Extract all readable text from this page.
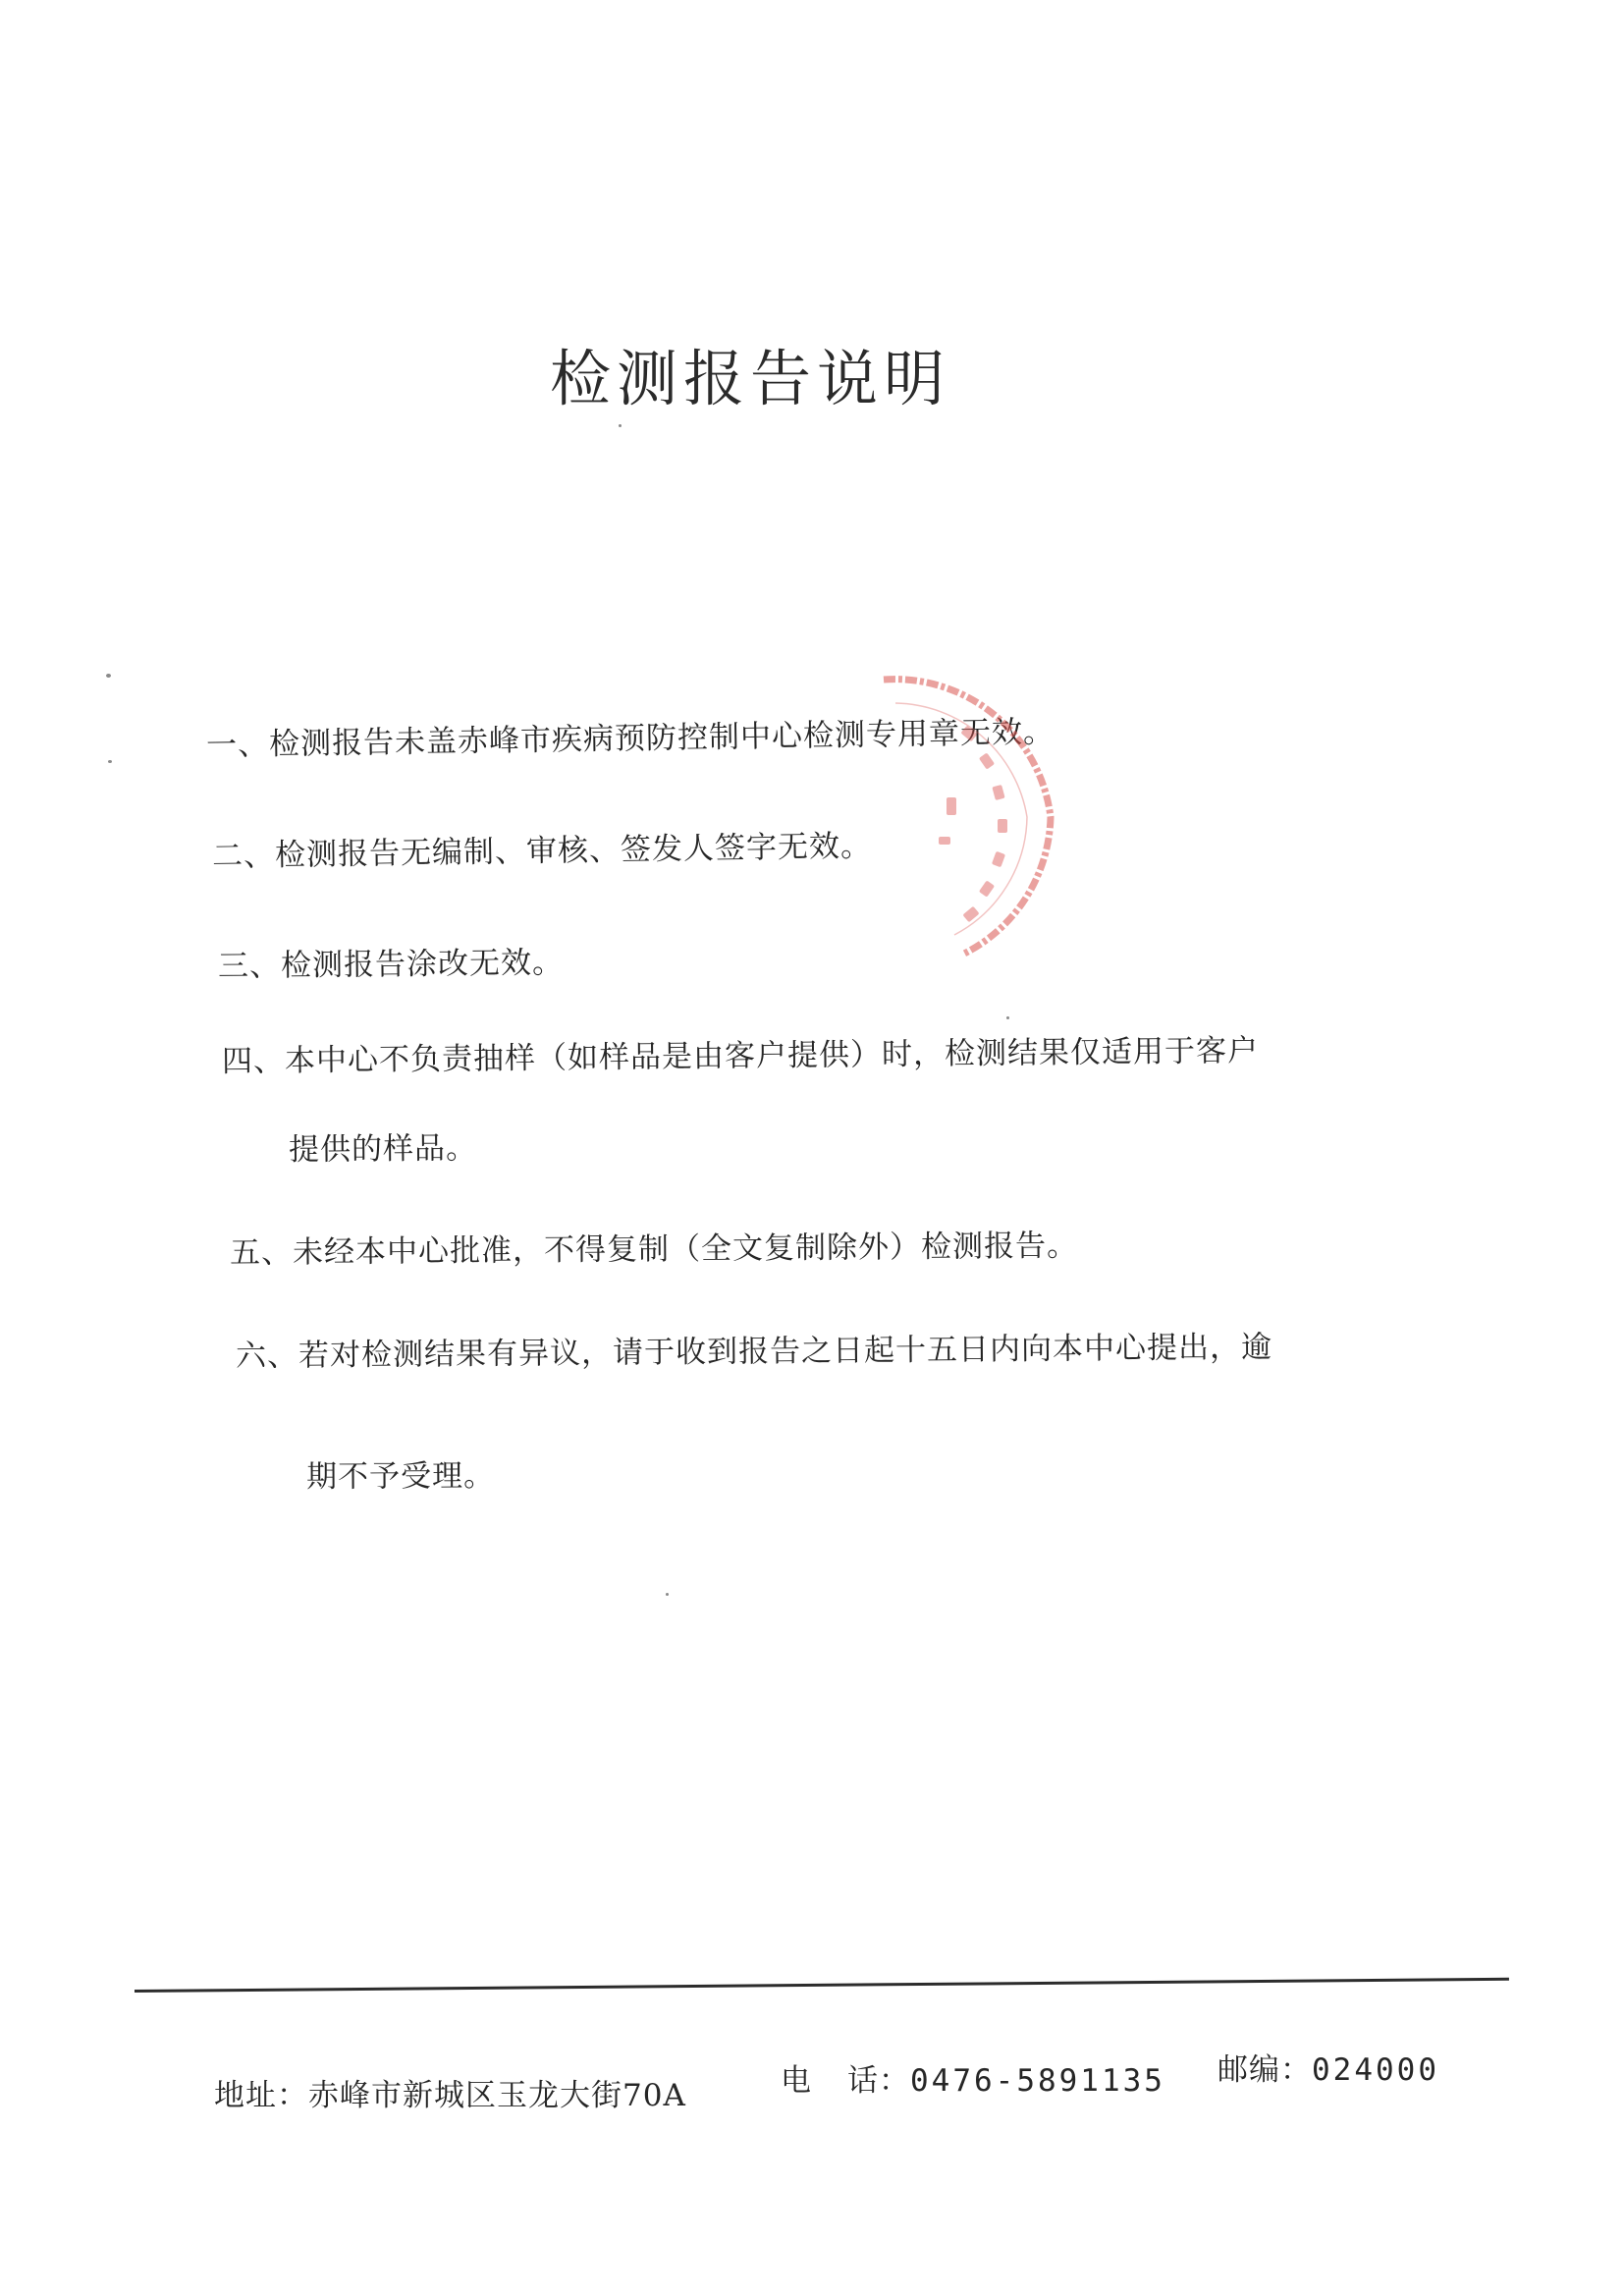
检测报告说明
一、检测报告未盖赤峰市疾病预防控制中心检测专用章无效。
二、检测报告无编制、审核、签发人签字无效。
三、检测报告涂改无效。
四、本中心不负责抽样（如样品是由客户提供）时，检测结果仅适用于客户
提供的样品。
五、未经本中心批准，不得复制（全文复制除外）检测报告。
六、若对检测结果有异议，请于收到报告之日起十五日内向本中心提出，逾
期不予受理。
地址：赤峰市新城区玉龙大街70A	电 话：0476-5891135 邮编：024000
